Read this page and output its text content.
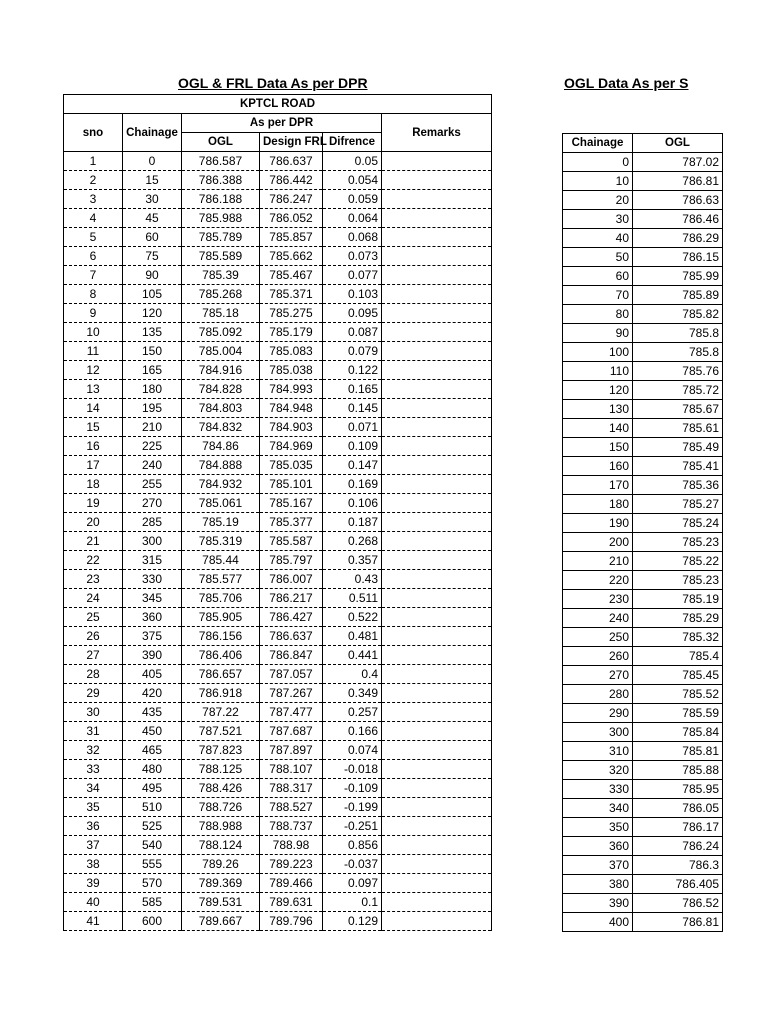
OGL & FRL Data As per DPR
KPTCL ROAD					
sno	Chainage	As per DPR			Remarks
		OGL	Design FRL	Difrence	
1	0	786.587	786.637	0.05	
2	15	786.388	786.442	0.054	
3	30	786.188	786.247	0.059	
4	45	785.988	786.052	0.064	
5	60	785.789	785.857	0.068	
6	75	785.589	785.662	0.073	
7	90	785.39	785.467	0.077	
8	105	785.268	785.371	0.103	
9	120	785.18	785.275	0.095	
10	135	785.092	785.179	0.087	
11	150	785.004	785.083	0.079	
12	165	784.916	785.038	0.122	
13	180	784.828	784.993	0.165	
14	195	784.803	784.948	0.145	
15	210	784.832	784.903	0.071	
16	225	784.86	784.969	0.109	
17	240	784.888	785.035	0.147	
18	255	784.932	785.101	0.169	
19	270	785.061	785.167	0.106	
20	285	785.19	785.377	0.187	
21	300	785.319	785.587	0.268	
22	315	785.44	785.797	0.357	
23	330	785.577	786.007	0.43	
24	345	785.706	786.217	0.511	
25	360	785.905	786.427	0.522	
26	375	786.156	786.637	0.481	
27	390	786.406	786.847	0.441	
28	405	786.657	787.057	0.4	
29	420	786.918	787.267	0.349	
30	435	787.22	787.477	0.257	
31	450	787.521	787.687	0.166	
32	465	787.823	787.897	0.074	
33	480	788.125	788.107	-0.018	
34	495	788.426	788.317	-0.109	
35	510	788.726	788.527	-0.199	
36	525	788.988	788.737	-0.251	
37	540	788.124	788.98	0.856	
38	555	789.26	789.223	-0.037	
39	570	789.369	789.466	0.097	
40	585	789.531	789.631	0.1	
41	600	789.667	789.796	0.129	
OGL Data As per S
Chainage	OGL
0	787.02
10	786.81
20	786.63
30	786.46
40	786.29
50	786.15
60	785.99
70	785.89
80	785.82
90	785.8
100	785.8
110	785.76
120	785.72
130	785.67
140	785.61
150	785.49
160	785.41
170	785.36
180	785.27
190	785.24
200	785.23
210	785.22
220	785.23
230	785.19
240	785.29
250	785.32
260	785.4
270	785.45
280	785.52
290	785.59
300	785.84
310	785.81
320	785.88
330	785.95
340	786.05
350	786.17
360	786.24
370	786.3
380	786.405
390	786.52
400	786.81
